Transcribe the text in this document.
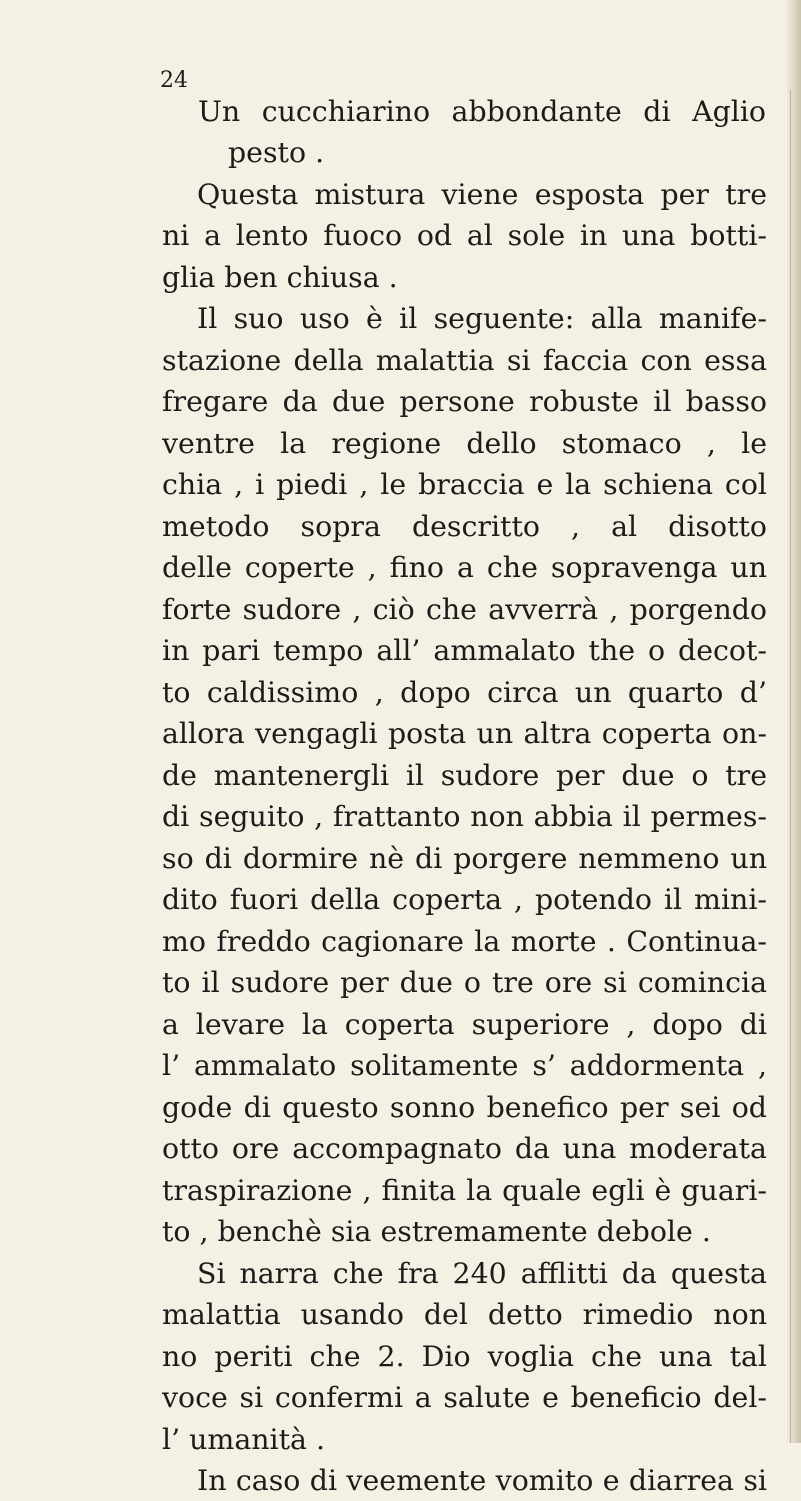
24
Un cucchiarino abbondante di Aglio
pesto .
Questa mistura viene esposta per tre
ni a lento fuoco od al sole in una botti-
glia ben chiusa .
Il suo uso è il seguente: alla manife-
stazione della malattia si faccia con essa
fregare da due persone robuste il basso
ventre la regione dello stomaco , le
chia , i piedi , le braccia e la schiena col
metodo sopra descritto , al disotto
delle coperte , fino a che sopravenga un
forte sudore , ciò che avverrà , porgendo
in pari tempo all’ ammalato the o decot-
to caldissimo , dopo circa un quarto d’
allora vengagli posta un altra coperta on-
de mantenergli il sudore per due o tre
di seguito , frattanto non abbia il permes-
so di dormire nè di porgere nemmeno un
dito fuori della coperta , potendo il mini-
mo freddo cagionare la morte . Continua-
to il sudore per due o tre ore si comincia
a levare la coperta superiore , dopo di
l’ ammalato solitamente s’ addormenta ,
gode di questo sonno benefico per sei od
otto ore accompagnato da una moderata
traspirazione , finita la quale egli è guari-
to , benchè sia estremamente debole .
Si narra che fra 240 afflitti da questa
malattia usando del detto rimedio non
no periti che 2. Dio voglia che una tal
voce si confermi a salute e beneficio del-
l’ umanità .
In caso di veemente vomito e diarrea si
